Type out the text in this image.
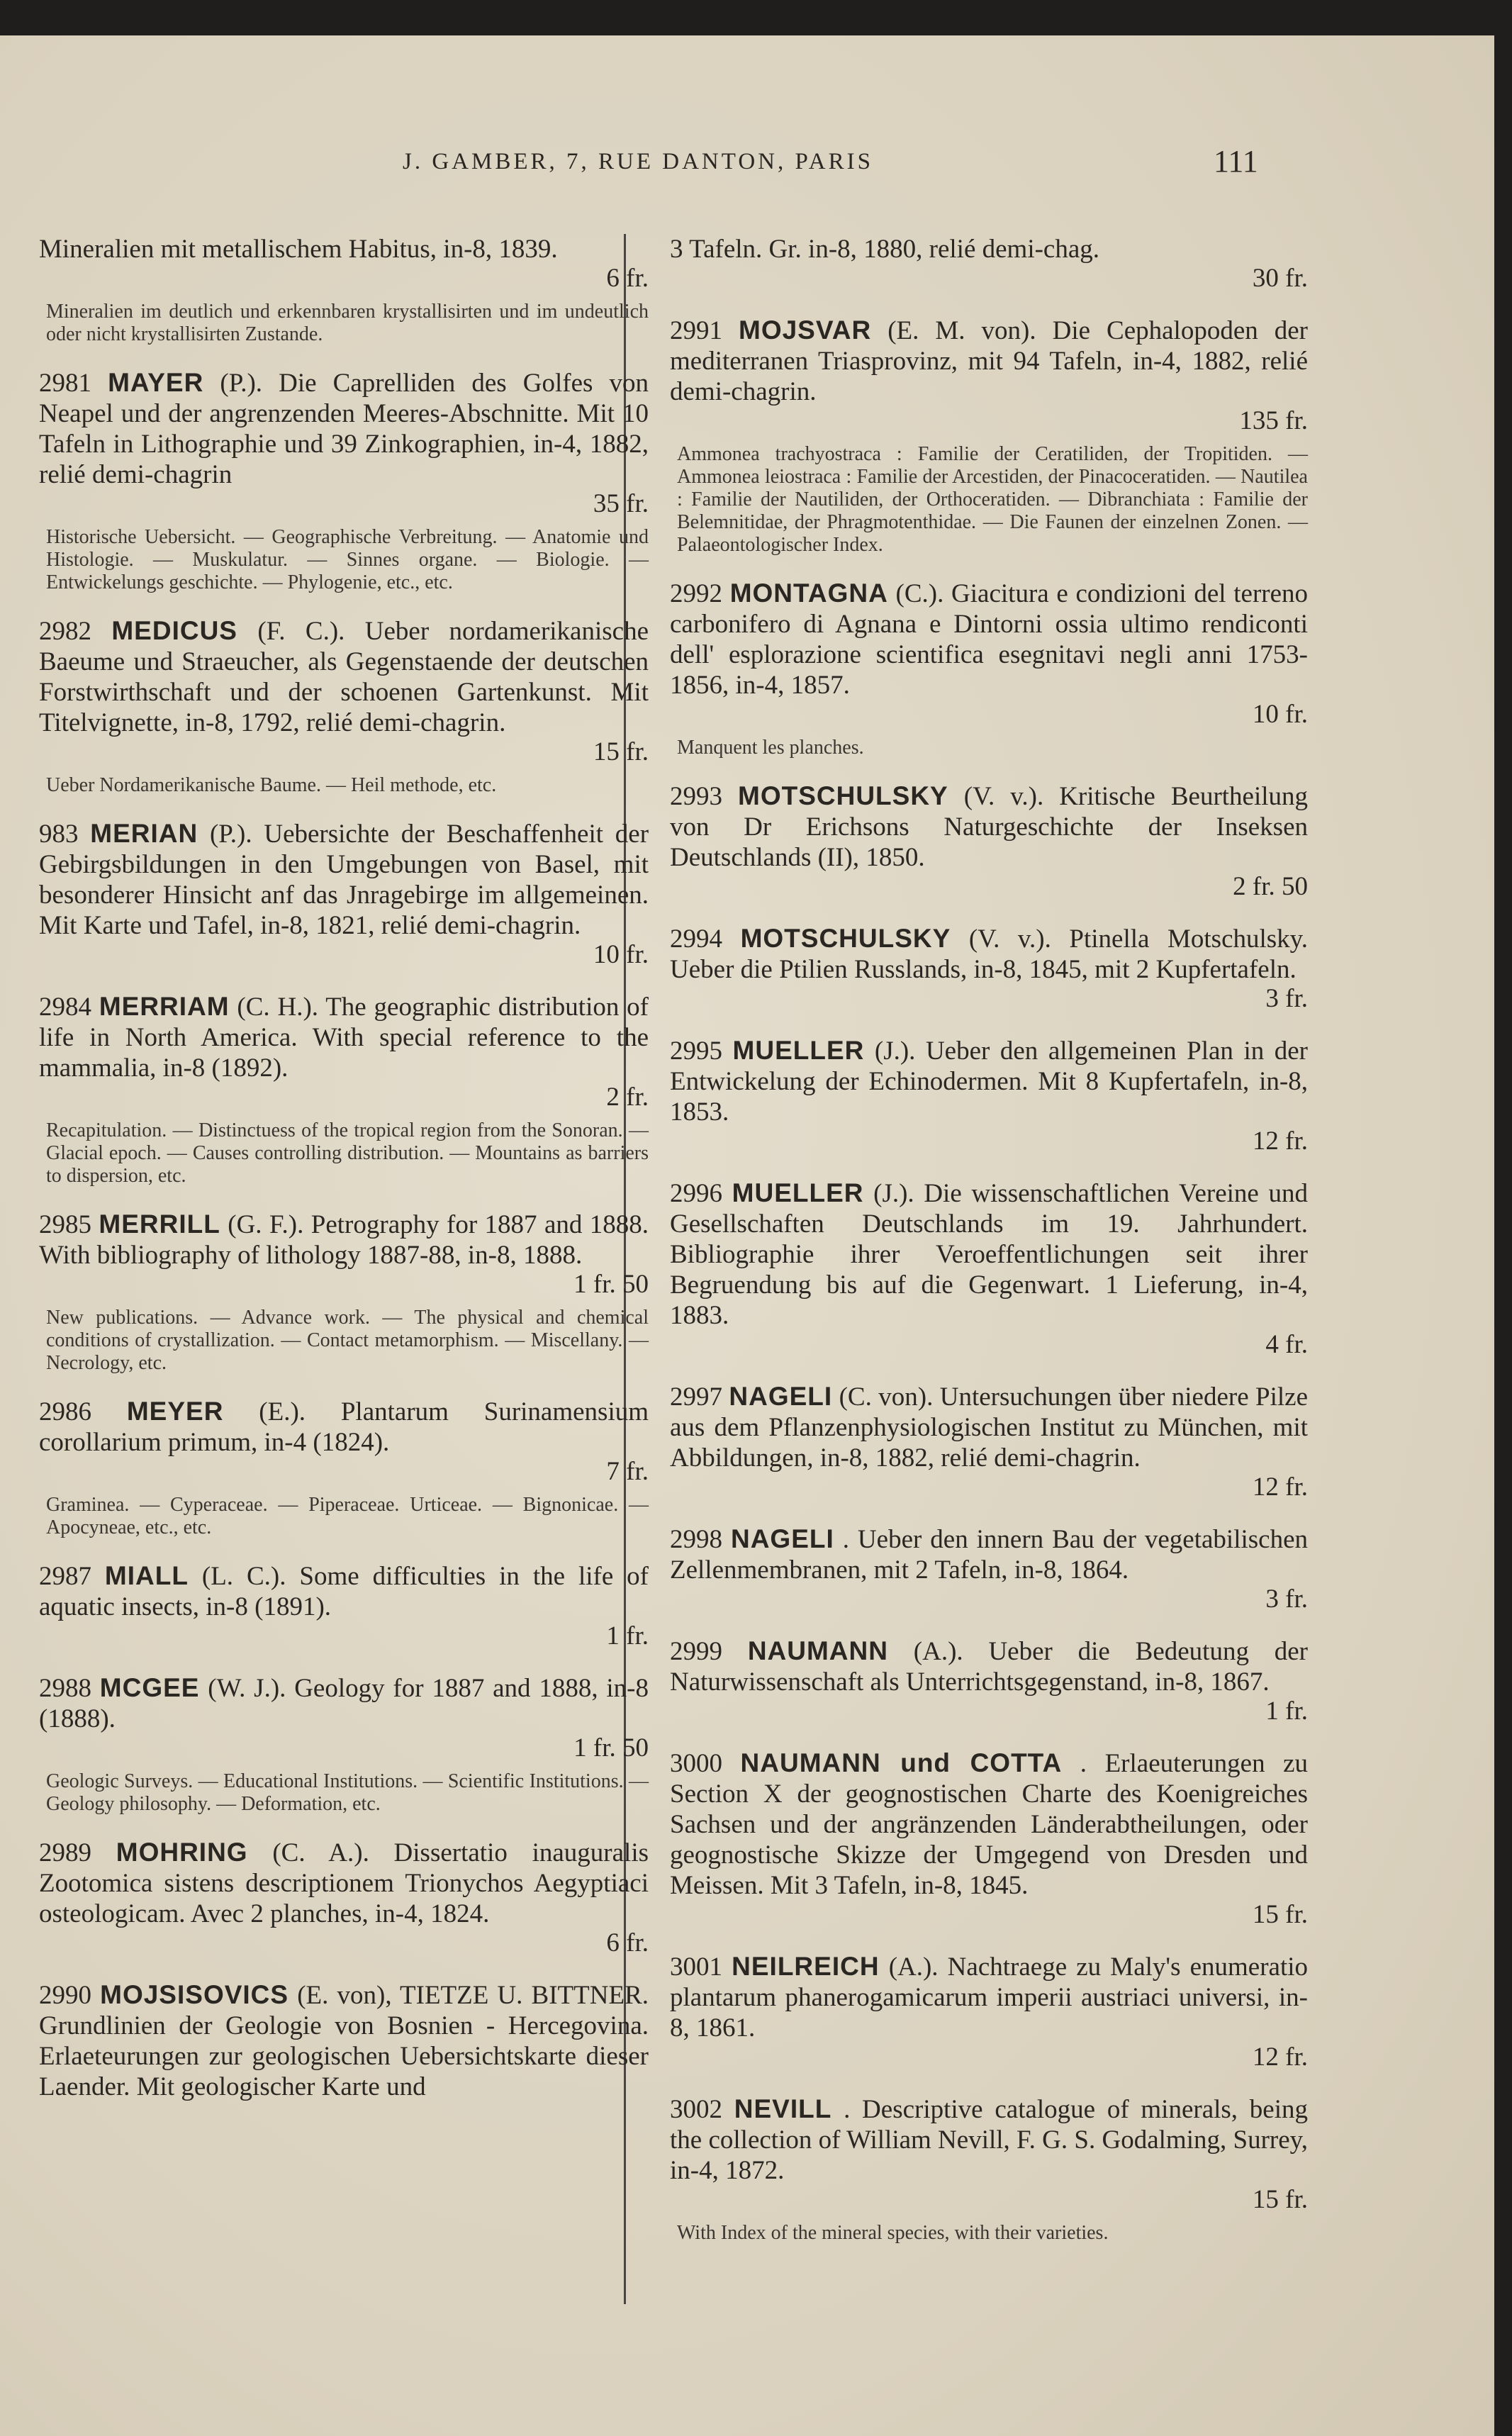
J. GAMBER, 7, RUE DANTON, PARIS	111

Mineralien mit metallischem Habitus, in-8, 1839.
6 fr.

Mineralien im deutlich und erkennbaren krystallisirten und im undeutlich oder nicht krystallisirten Zustande.

2981 MAYER (P.). Die Caprelliden des Golfes von Neapel und der angrenzenden Meeres-Abschnitte. Mit 10 Tafeln in Lithographie und 39 Zinkographien, in-4, 1882, relié demi-chagrin
35 fr.

Historische Uebersicht. — Geographische Verbreitung. — Anatomie und Histologie. — Muskulatur. — Sinnes organe. — Biologie. — Entwickelungs geschichte. — Phylogenie, etc., etc.

2982 MEDICUS (F. C.). Ueber nordamerikanische Baeume und Straeucher, als Gegenstaende der deutschen Forstwirthschaft und der schoenen Gartenkunst. Mit Titelvignette, in-8, 1792, relié demi-chagrin.
15 fr.

Ueber Nordamerikanische Baume. — Heil methode, etc.

983 MERIAN (P.). Uebersichte der Beschaffenheit der Gebirgsbildungen in den Umgebungen von Basel, mit besonderer Hinsicht anf das Jnragebirge im allgemeinen. Mit Karte und Tafel, in-8, 1821, relié demi-chagrin.
10 fr.

2984 MERRIAM (C. H.). The geographic distribution of life in North America. With special reference to the mammalia, in-8 (1892).
2 fr.

Recapitulation. — Distinctuess of the tropical region from the Sonoran. — Glacial epoch. — Causes controlling distribution. — Mountains as barriers to dispersion, etc.

2985 MERRILL (G. F.). Petrography for 1887 and 1888. With bibliography of lithology 1887-88, in-8, 1888.
1 fr. 50

New publications. — Advance work. — The physical and chemical conditions of crystallization. — Contact metamorphism. — Miscellany. — Necrology, etc.

2986 MEYER (E.). Plantarum Surinamensium corollarium primum, in-4 (1824).
7 fr.

Graminea. — Cyperaceae. — Piperaceae. Urticeae. — Bignonicae. — Apocyneae, etc., etc.

2987 MIALL (L. C.). Some difficulties in the life of aquatic insects, in-8 (1891).
1 fr.

2988 MCGEE (W. J.). Geology for 1887 and 1888, in-8 (1888).
1 fr. 50

Geologic Surveys. — Educational Institutions. — Scientific Institutions. — Geology philosophy. — Deformation, etc.

2989 MOHRING (C. A.). Dissertatio inauguralis Zootomica sistens descriptionem Trionychos Aegyptiaci osteologicam. Avec 2 planches, in-4, 1824.
6 fr.

2990 MOJSISOVICS (E. von), TIETZE U. BITTNER. Grundlinien der Geologie von Bosnien - Hercegovina. Erlaeteurungen zur geologischen Uebersichtskarte dieser Laender. Mit geologischer Karte und

3 Tafeln. Gr. in-8, 1880, relié demi-chag.
30 fr.

2991 MOJSVAR (E. M. von). Die Cephalopoden der mediterranen Triasprovinz, mit 94 Tafeln, in-4, 1882, relié demi-chagrin.
135 fr.

Ammonea trachyostraca : Familie der Ceratiliden, der Tropitiden. — Ammonea leiostraca : Familie der Arcestiden, der Pinacoceratiden. — Nautilea : Familie der Nautiliden, der Orthoceratiden. — Dibranchiata : Familie der Belemnitidae, der Phragmotenthidae. — Die Faunen der einzelnen Zonen. — Palaeontologischer Index.

2992 MONTAGNA (C.). Giacitura e condizioni del terreno carbonifero di Agnana e Dintorni ossia ultimo rendiconti dell' esplorazione scientifica esegnitavi negli anni 1753-1856, in-4, 1857.
10 fr.

Manquent les planches.

2993 MOTSCHULSKY (V. v.). Kritische Beurtheilung von Dr Erichsons Naturgeschichte der Inseksen Deutschlands (II), 1850.
2 fr. 50

2994 MOTSCHULSKY (V. v.). Ptinella Motschulsky. Ueber die Ptilien Russlands, in-8, 1845, mit 2 Kupfertafeln.
3 fr.

2995 MUELLER (J.). Ueber den allgemeinen Plan in der Entwickelung der Echinodermen. Mit 8 Kupfertafeln, in-8, 1853.
12 fr.

2996 MUELLER (J.). Die wissenschaftlichen Vereine und Gesellschaften Deutschlands im 19. Jahrhundert. Bibliographie ihrer Veroeffentlichungen seit ihrer Begruendung bis auf die Gegenwart. 1 Lieferung, in-4, 1883.
4 fr.

2997 NAGELI (C. von). Untersuchungen über niedere Pilze aus dem Pflanzenphysiologischen Institut zu München, mit Abbildungen, in-8, 1882, relié demi-chagrin.
12 fr.

2998 NAGELI . Ueber den innern Bau der vegetabilischen Zellenmembranen, mit 2 Tafeln, in-8, 1864.
3 fr.

2999 NAUMANN (A.). Ueber die Bedeutung der Naturwissenschaft als Unterrichtsgegenstand, in-8, 1867.
1 fr.

3000 NAUMANN und COTTA . Erlaeuterungen zu Section X der geognostischen Charte des Koenigreiches Sachsen und der angränzenden Länderabtheilungen, oder geognostische Skizze der Umgegend von Dresden und Meissen. Mit 3 Tafeln, in-8, 1845.
15 fr.

3001 NEILREICH (A.). Nachtraege zu Maly's enumeratio plantarum phanerogamicarum imperii austriaci universi, in-8, 1861.
12 fr.

3002 NEVILL . Descriptive catalogue of minerals, being the collection of William Nevill, F. G. S. Godalming, Surrey, in-4, 1872.
15 fr.

With Index of the mineral species, with their varieties.
